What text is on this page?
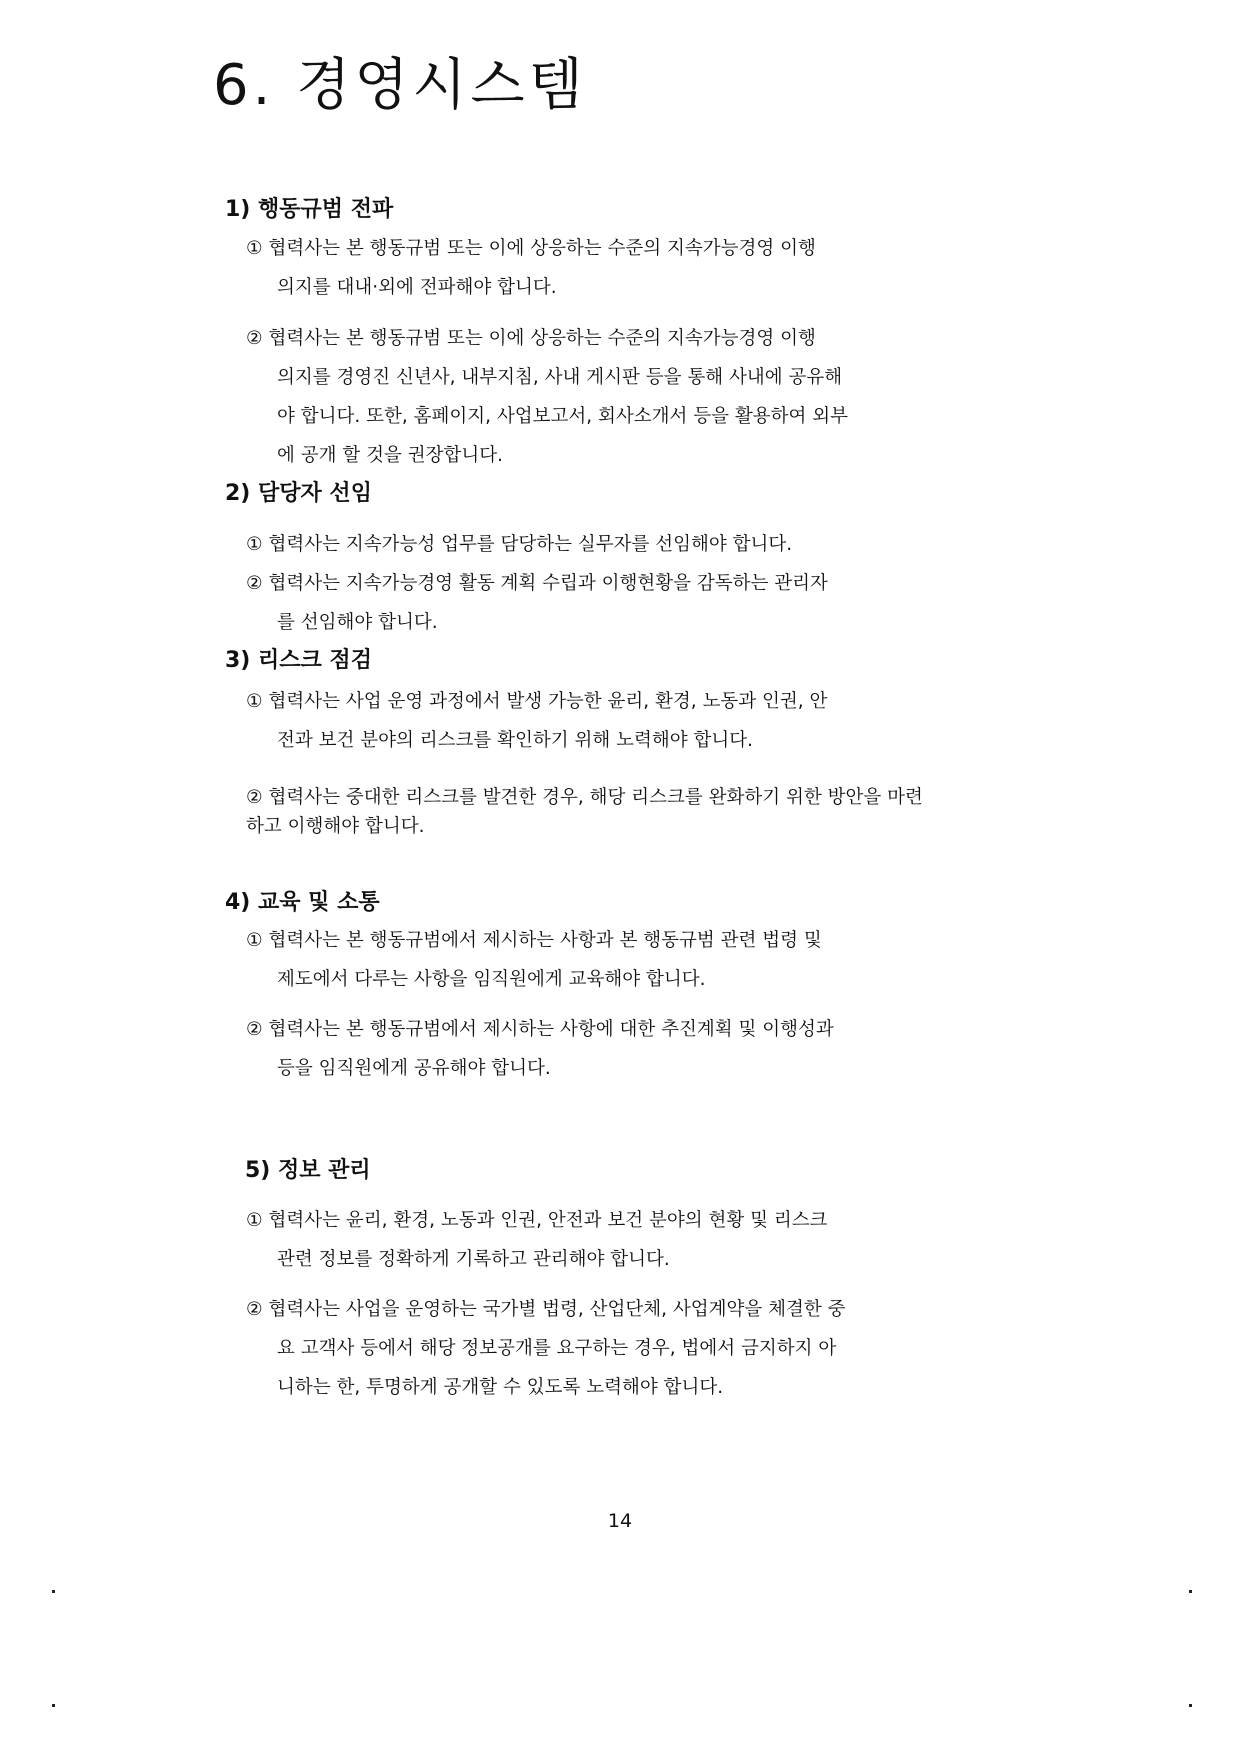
6. 경영시스템
1) 행동규범 전파
① 협력사는 본 행동규범 또는 이에 상응하는 수준의 지속가능경영 이행
의지를 대내·외에 전파해야 합니다.
② 협력사는 본 행동규범 또는 이에 상응하는 수준의 지속가능경영 이행
의지를 경영진 신년사, 내부지침, 사내 게시판 등을 통해 사내에 공유해
야 합니다. 또한, 홈페이지, 사업보고서, 회사소개서 등을 활용하여 외부
에 공개 할 것을 권장합니다.
2) 담당자 선임
① 협력사는 지속가능성 업무를 담당하는 실무자를 선임해야 합니다.
② 협력사는 지속가능경영 활동 계획 수립과 이행현황을 감독하는 관리자
를 선임해야 합니다.
3) 리스크 점검
① 협력사는 사업 운영 과정에서 발생 가능한 윤리, 환경, 노동과 인권, 안
전과 보건 분야의 리스크를 확인하기 위해 노력해야 합니다.
② 협력사는 중대한 리스크를 발견한 경우, 해당 리스크를 완화하기 위한 방안을 마련
하고 이행해야 합니다.
4) 교육 및 소통
① 협력사는 본 행동규범에서 제시하는 사항과 본 행동규범 관련 법령 및
제도에서 다루는 사항을 임직원에게 교육해야 합니다.
② 협력사는 본 행동규범에서 제시하는 사항에 대한 추진계획 및 이행성과
등을 임직원에게 공유해야 합니다.
5) 정보 관리
① 협력사는 윤리, 환경, 노동과 인권, 안전과 보건 분야의 현황 및 리스크
관련 정보를 정확하게 기록하고 관리해야 합니다.
② 협력사는 사업을 운영하는 국가별 법령, 산업단체, 사업계약을 체결한 중
요 고객사 등에서 해당 정보공개를 요구하는 경우, 법에서 금지하지 아
니하는 한, 투명하게 공개할 수 있도록 노력해야 합니다.

14
